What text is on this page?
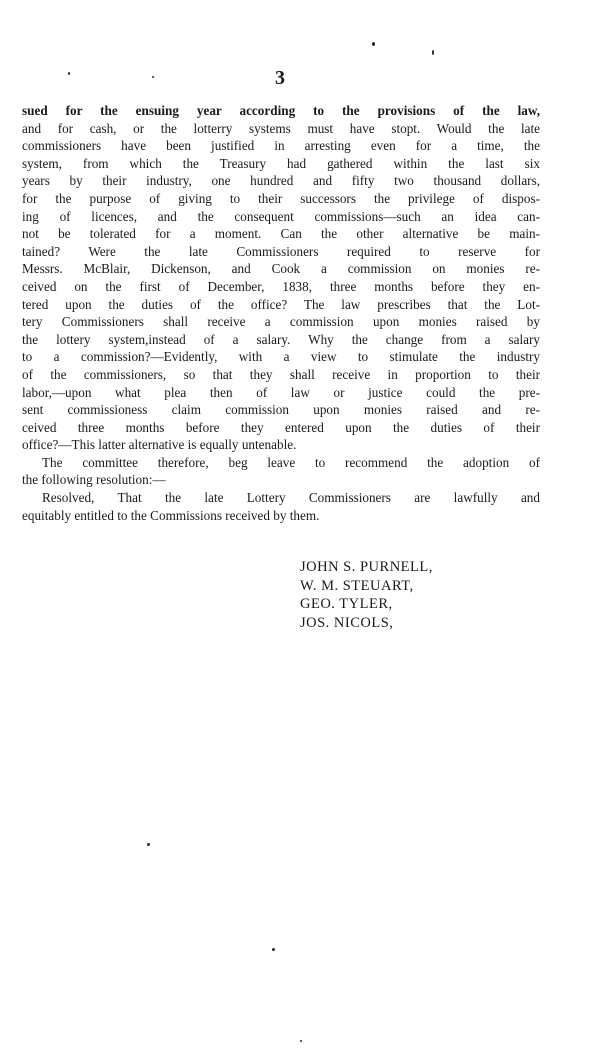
3
sued for the ensuing year according to the provisions of the law,
and for cash, or the lotterry systems must have stopt. Would the late
commissioners have been justified in arresting even for a time, the
system, from which the Treasury had gathered within the last six
years by their industry, one hundred and fifty two thousand dollars,
for the purpose of giving to their successors the privilege of dispos-
ing of licences, and the consequent commissions—such an idea can-
not be tolerated for a moment. Can the other alternative be main-
tained? Were the late Commissioners required to reserve for
Messrs. McBlair, Dickenson, and Cook a commission on monies re-
ceived on the first of December, 1838, three months before they en-
tered upon the duties of the office? The law prescribes that the Lot-
tery Commissioners shall receive a commission upon monies raised by
the lottery system,instead of a salary. Why the change from a salary
to a commission?—Evidently, with a view to stimulate the industry
of the commissioners, so that they shall receive in proportion to their
labor,—upon what plea then of law or justice could the pre-
sent commissioness claim commission upon monies raised and re-
ceived three months before they entered upon the duties of their
office?—This latter alternative is equally untenable.
The committee therefore, beg leave to recommend the adoption of
the following resolution:—
Resolved, That the late Lottery Commissioners are lawfully and
equitably entitled to the Commissions received by them.
JOHN S. PURNELL,
W. M. STEUART,
GEO. TYLER,
JOS. NICOLS,
